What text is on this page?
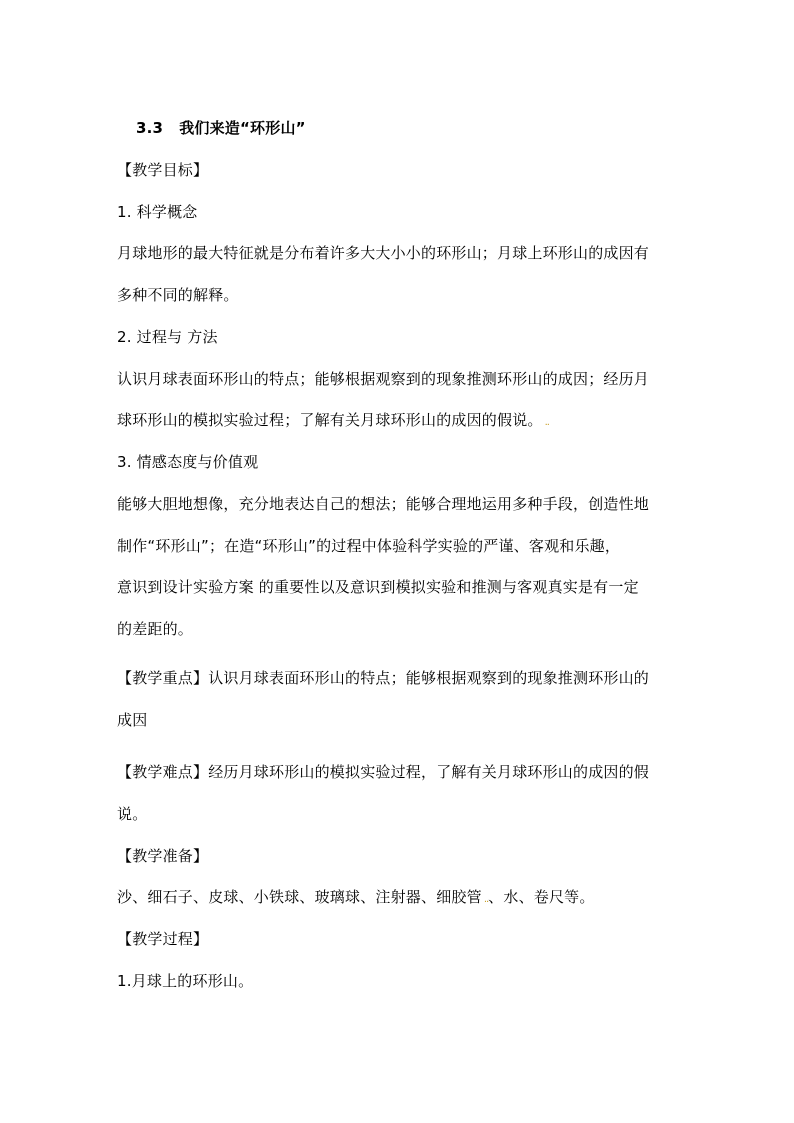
3.3 我们来造“环形山”
【教学目标】
1. 科学概念
月球地形的最大特征就是分布着许多大大小小的环形山；月球上环形山的成因有
多种不同的解释。
2. 过程与 方法
认识月球表面环形山的特点；能够根据观察到的现象推测环形山的成因；经历月
球环形山的模拟实验过程；了解有关月球环形山的成因的假说。 ..
3. 情感态度与价值观
能够大胆地想像，充分地表达自己的想法；能够合理地运用多种手段，创造性地
制作“环形山”；在造“环形山”的过程中体验科学实验的严谨、客观和乐趣，
意识到设计实验方案 的重要性以及意识到模拟实验和推测与客观真实是有一定
的差距的。
【教学重点】认识月球表面环形山的特点；能够根据观察到的现象推测环形山的
成因
【教学难点】经历月球环形山的模拟实验过程，了解有关月球环形山的成因的假
说。
【教学准备】
沙、细石子、皮球、小铁球、玻璃球、注射器、细胶管 ..、水、卷尺等。
【教学过程】
1.月球上的环形山。
